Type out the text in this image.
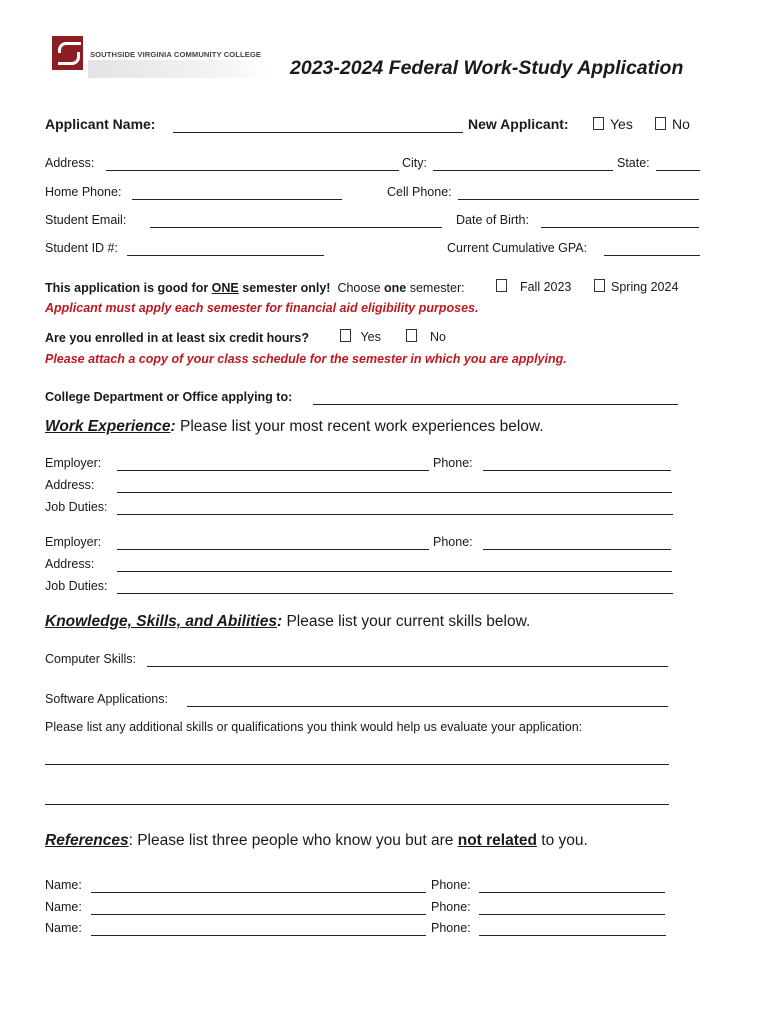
SOUTHSIDE VIRGINIA COMMUNITY COLLEGE
2023-2024 Federal Work-Study Application
Applicant Name:	New Applicant:	Yes	No
Address:	City:	State:
Home Phone:	Cell Phone:
Student Email:	Date of Birth:
Student ID #:	Current Cumulative GPA:
This application is good for ONE semester only! Choose one semester:	Fall 2023	Spring 2024
Applicant must apply each semester for financial aid eligibility purposes.
Are you enrolled in at least six credit hours?	Yes	No
Please attach a copy of your class schedule for the semester in which you are applying.
College Department or Office applying to:
Work Experience: Please list your most recent work experiences below.
Employer:	Phone:
Address:
Job Duties:
Employer:	Phone:
Address:
Job Duties:
Knowledge, Skills, and Abilities: Please list your current skills below.
Computer Skills:
Software Applications:
Please list any additional skills or qualifications you think would help us evaluate your application:
References: Please list three people who know you but are not related to you.
Name:	Phone:
Name:	Phone:
Name:	Phone:
